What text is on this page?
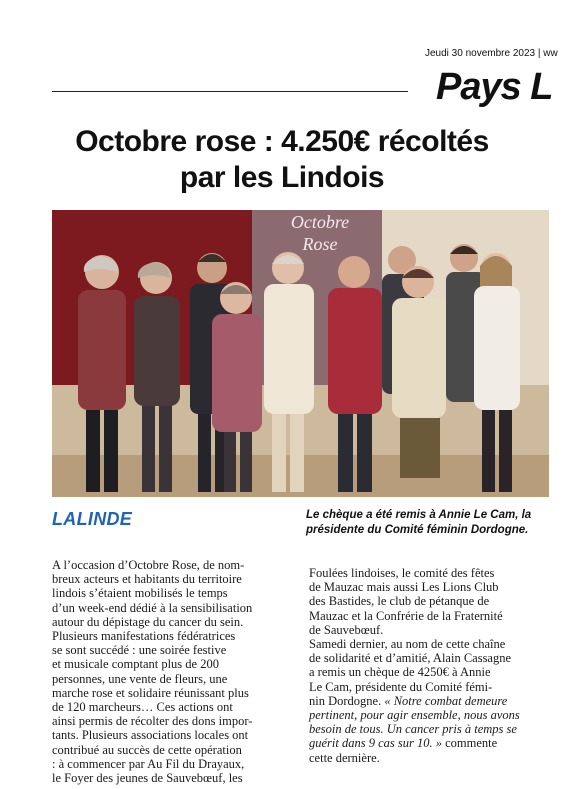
Jeudi 30 novembre 2023 | ww
Pays L
Octobre rose : 4.250€ récoltés
par les Lindois
Octobre
Rose
LALINDE	Le chèque a été remis à Annie Le Cam, la présidente du Comité féminin Dordogne.

A l’occasion d’Octobre Rose, de nom-

breux acteurs et habitants du territoire

lindois s’étaient mobilisés le temps

d’un week-end dédié à la sensibilisation

autour du dépistage du cancer du sein.

Plusieurs manifestations fédératrices

se sont succédé : une soirée festive

et musicale comptant plus de 200

personnes, une vente de fleurs, une

marche rose et solidaire réunissant plus

de 120 marcheurs… Ces actions ont

ainsi permis de récolter des dons impor-

tants. Plusieurs associations locales ont

contribué au succès de cette opération

: à commencer par Au Fil du Drayaux,

le Foyer des jeunes de Sauvebœuf, les

Foulées lindoises, le comité des fêtes

de Mauzac mais aussi Les Lions Club

des Bastides, le club de pétanque de

Mauzac et la Confrérie de la Fraternité

de Sauvebœuf.

Samedi dernier, au nom de cette chaîne

de solidarité et d’amitié, Alain Cassagne

a remis un chèque de 4250€ à Annie

Le Cam, présidente du Comité fémi-

nin Dordogne. « Notre combat demeure

pertinent, pour agir ensemble, nous avons

besoin de tous. Un cancer pris à temps se

guérit dans 9 cas sur 10. » commente

cette dernière.
